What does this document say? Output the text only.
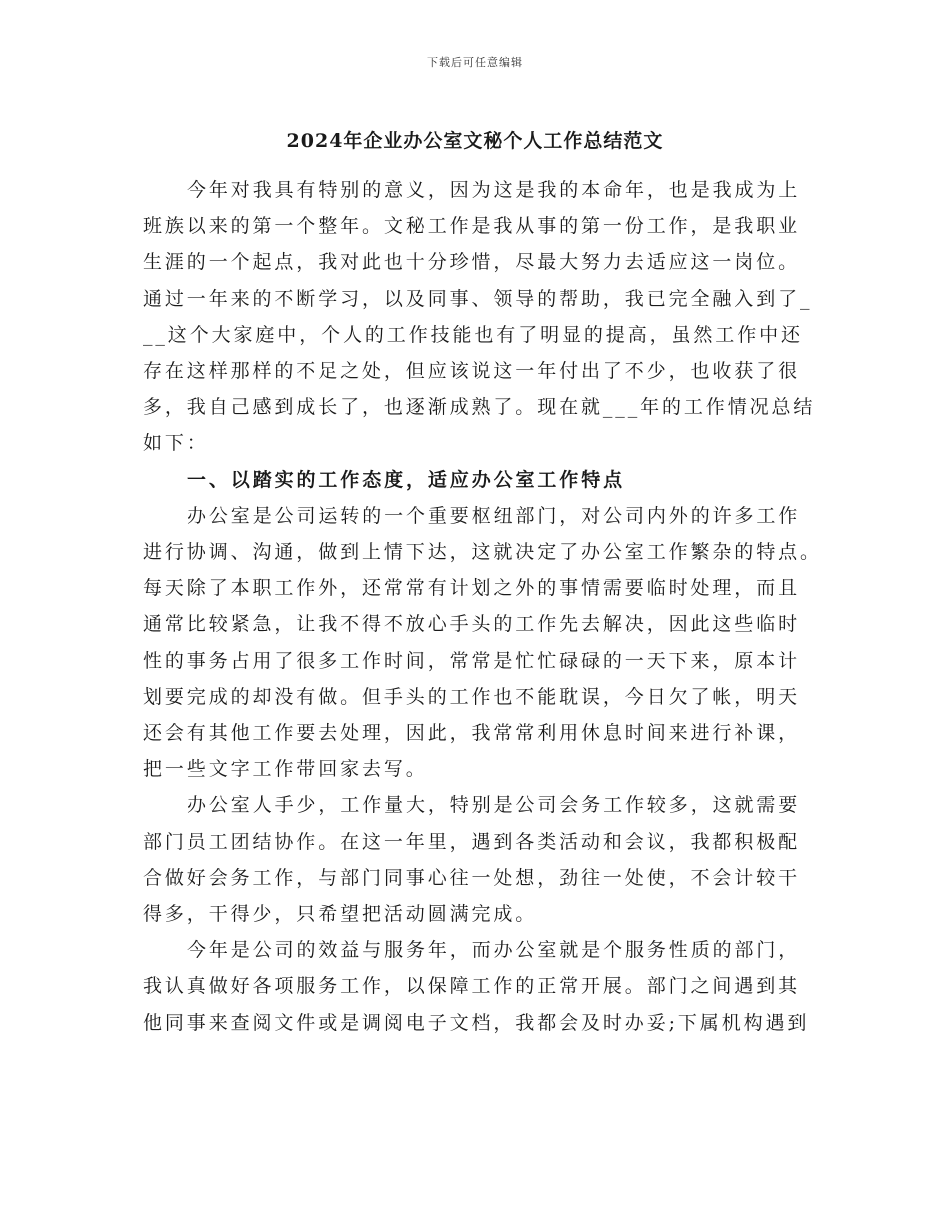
下载后可任意编辑
2024年企业办公室文秘个人工作总结范文
今年对我具有特别的意义，因为这是我的本命年，也是我成为上
班族以来的第一个整年。文秘工作是我从事的第一份工作，是我职业
生涯的一个起点，我对此也十分珍惜，尽最大努力去适应这一岗位。
通过一年来的不断学习，以及同事、领导的帮助，我已完全融入到了_
__这个大家庭中，个人的工作技能也有了明显的提高，虽然工作中还
存在这样那样的不足之处，但应该说这一年付出了不少，也收获了很
多，我自己感到成长了，也逐渐成熟了。现在就___年的工作情况总结
如下：
一、以踏实的工作态度，适应办公室工作特点
办公室是公司运转的一个重要枢纽部门，对公司内外的许多工作
进行协调、沟通，做到上情下达，这就决定了办公室工作繁杂的特点。
每天除了本职工作外，还常常有计划之外的事情需要临时处理，而且
通常比较紧急，让我不得不放心手头的工作先去解决，因此这些临时
性的事务占用了很多工作时间，常常是忙忙碌碌的一天下来，原本计
划要完成的却没有做。但手头的工作也不能耽误，今日欠了帐，明天
还会有其他工作要去处理，因此，我常常利用休息时间来进行补课，
把一些文字工作带回家去写。
办公室人手少，工作量大，特别是公司会务工作较多，这就需要
部门员工团结协作。在这一年里，遇到各类活动和会议，我都积极配
合做好会务工作，与部门同事心往一处想，劲往一处使，不会计较干
得多，干得少，只希望把活动圆满完成。
今年是公司的效益与服务年，而办公室就是个服务性质的部门，
我认真做好各项服务工作，以保障工作的正常开展。部门之间遇到其
他同事来查阅文件或是调阅电子文档，我都会及时办妥;下属机构遇到
